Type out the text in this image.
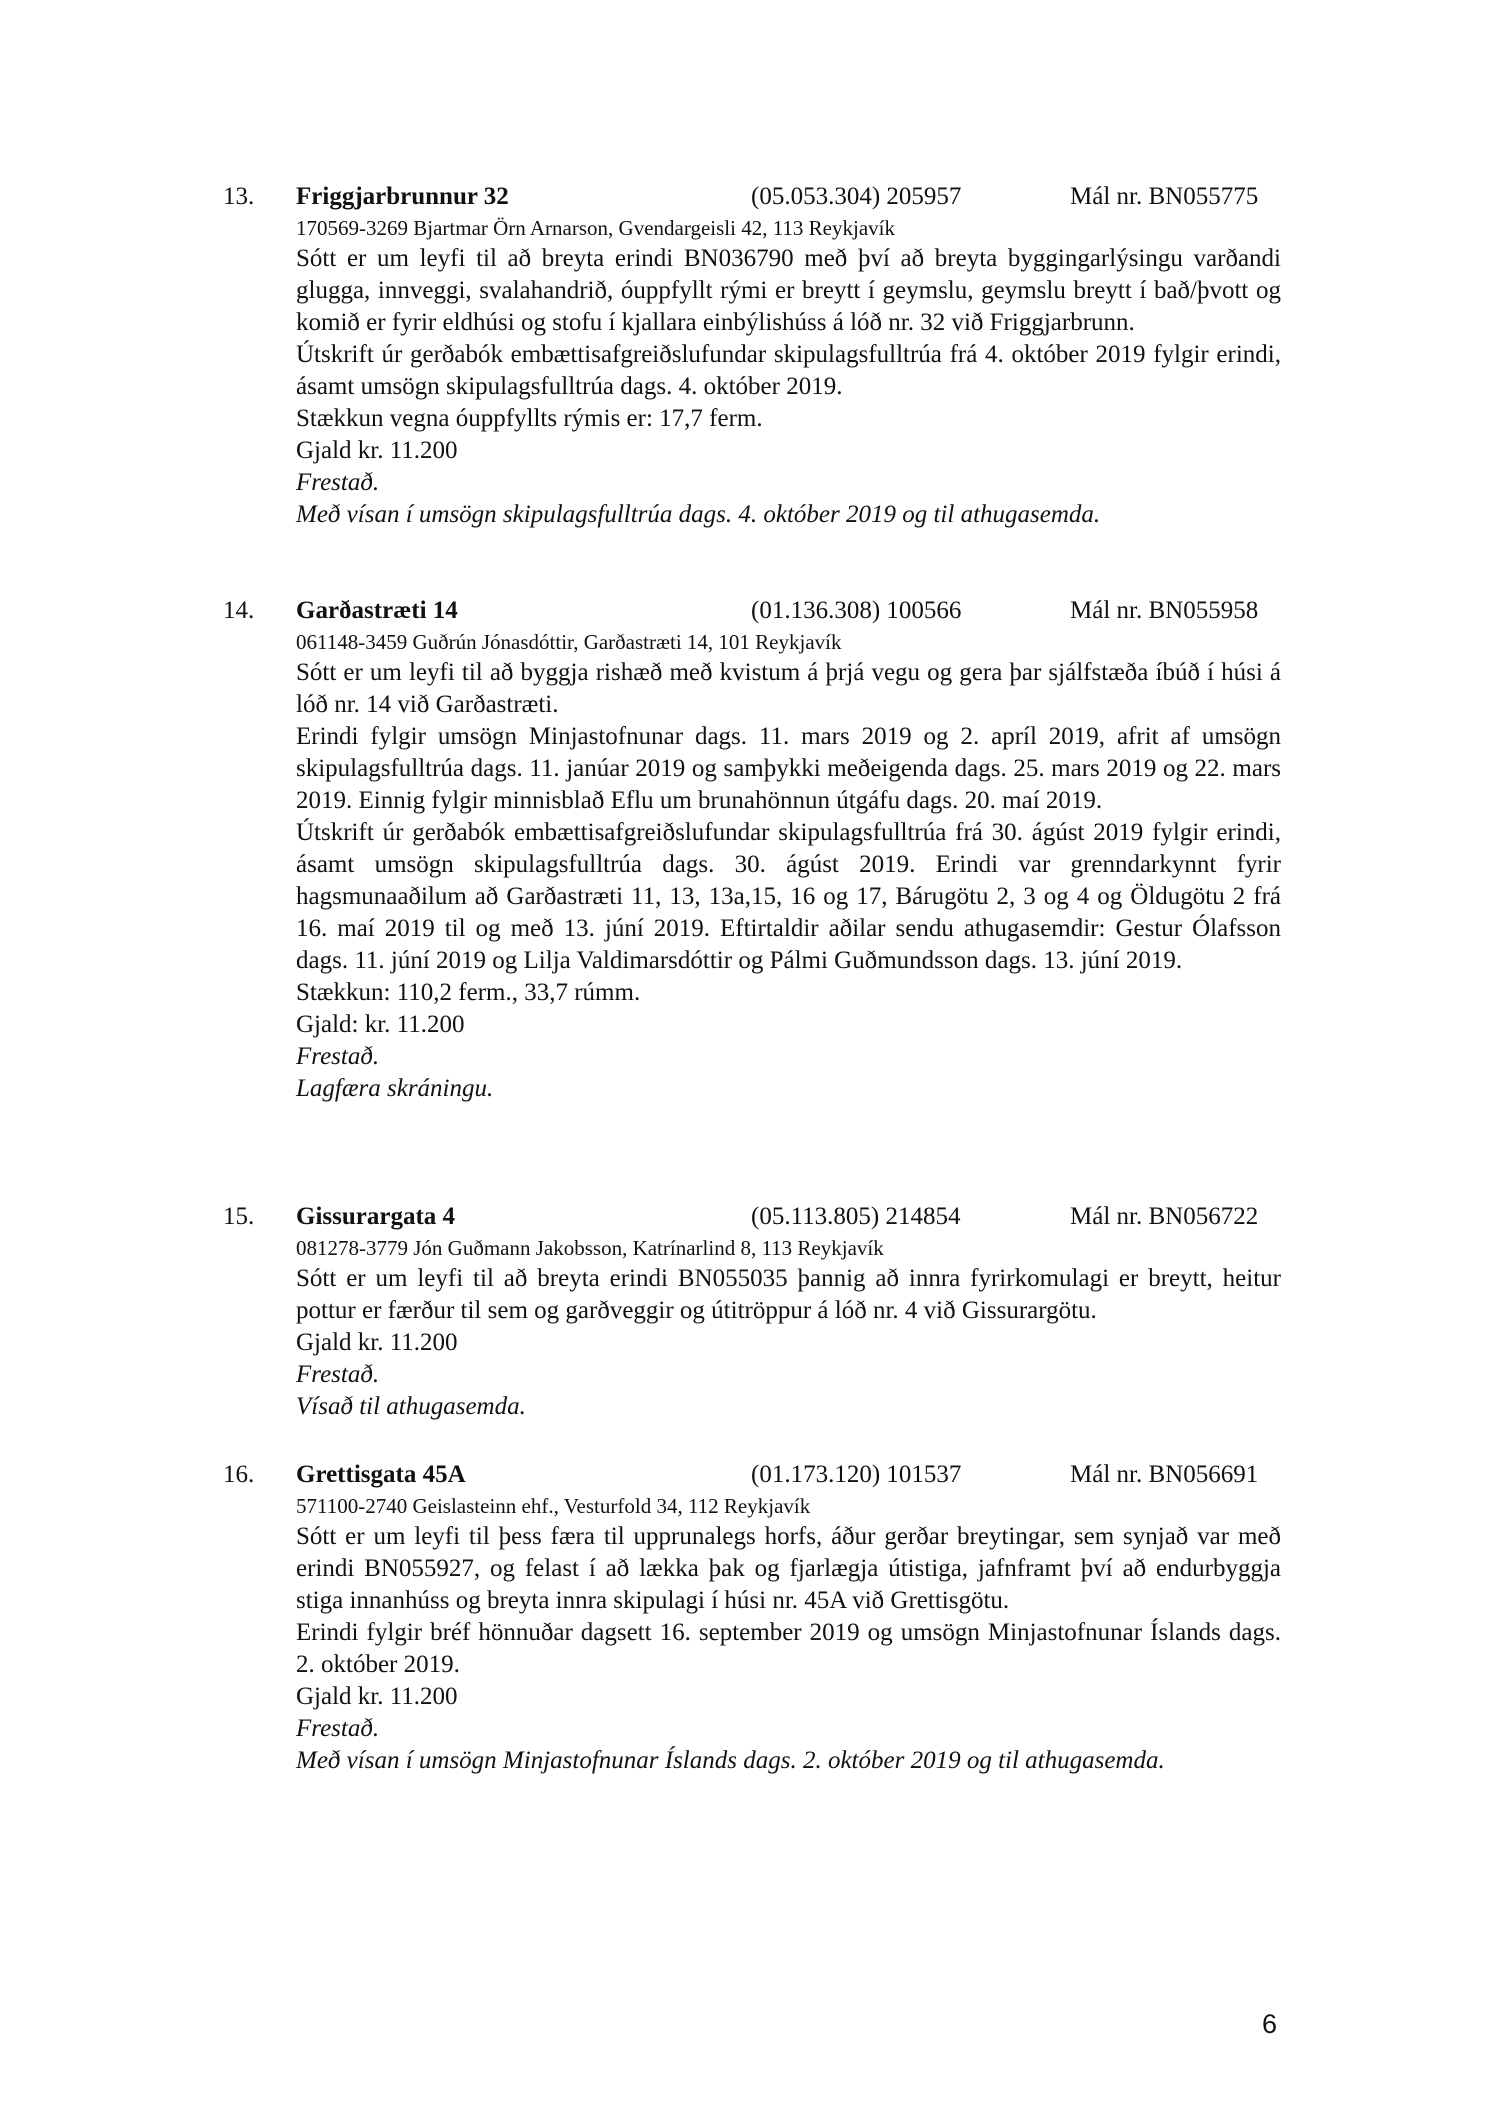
13. Friggjarbrunnur 32	(05.053.304) 205957	Mál nr. BN055775
170569-3269 Bjartmar Örn Arnarson, Gvendargeisli 42, 113 Reykjavík

Sótt er um leyfi til að breyta erindi BN036790 með því að breyta byggingarlýsingu varðandi glugga, innveggi, svalahandrið, óuppfyllt rými er breytt í geymslu, geymslu breytt í bað/þvott og komið er fyrir eldhúsi og stofu í kjallara einbýlishúss á lóð nr. 32 við Friggjarbrunn.

Útskrift úr gerðabók embættisafgreiðslufundar skipulagsfulltrúa frá 4. október 2019 fylgir erindi, ásamt umsögn skipulagsfulltrúa dags. 4. október 2019.

Stækkun vegna óuppfyllts rýmis er: 17,7 ferm.

Gjald kr. 11.200

Frestað.

Með vísan í umsögn skipulagsfulltrúa dags. 4. október 2019 og til athugasemda.

14. Garðastræti 14	(01.136.308) 100566	Mál nr. BN055958
061148-3459 Guðrún Jónasdóttir, Garðastræti 14, 101 Reykjavík

Sótt er um leyfi til að byggja rishæð með kvistum á þrjá vegu og gera þar sjálfstæða íbúð í húsi á lóð nr. 14 við Garðastræti.

Erindi fylgir umsögn Minjastofnunar dags. 11. mars 2019 og 2. apríl 2019, afrit af umsögn skipulagsfulltrúa dags. 11. janúar 2019 og samþykki meðeigenda dags. 25. mars 2019 og 22. mars 2019. Einnig fylgir minnisblað Eflu um brunahönnun útgáfu dags. 20. maí 2019.

Útskrift úr gerðabók embættisafgreiðslufundar skipulagsfulltrúa frá 30. ágúst 2019 fylgir erindi, ásamt umsögn skipulagsfulltrúa dags. 30. ágúst 2019. Erindi var grenndarkynnt fyrir hagsmunaaðilum að Garðastræti 11, 13, 13a,15, 16 og 17, Bárugötu 2, 3 og 4 og Öldugötu 2 frá 16. maí 2019 til og með 13. júní 2019. Eftirtaldir aðilar sendu athugasemdir: Gestur Ólafsson dags. 11. júní 2019 og Lilja Valdimarsdóttir og Pálmi Guðmundsson dags. 13. júní 2019.

Stækkun: 110,2 ferm., 33,7 rúmm.

Gjald: kr. 11.200

Frestað.

Lagfæra skráningu.

15. Gissurargata 4	(05.113.805) 214854	Mál nr. BN056722
081278-3779 Jón Guðmann Jakobsson, Katrínarlind 8, 113 Reykjavík

Sótt er um leyfi til að breyta erindi BN055035 þannig að innra fyrirkomulagi er breytt, heitur pottur er færður til sem og garðveggir og útitröppur á lóð nr. 4 við Gissurargötu.

Gjald kr. 11.200

Frestað.

Vísað til athugasemda.

16. Grettisgata 45A	(01.173.120) 101537	Mál nr. BN056691
571100-2740 Geislasteinn ehf., Vesturfold 34, 112 Reykjavík

Sótt er um leyfi til þess færa til upprunalegs horfs, áður gerðar breytingar, sem synjað var með erindi BN055927, og felast í að lækka þak og fjarlægja útistiga, jafnframt því að endurbyggja stiga innanhúss og breyta innra skipulagi í húsi nr. 45A við Grettisgötu.

Erindi fylgir bréf hönnuðar dagsett 16. september 2019 og umsögn Minjastofnunar Íslands dags. 2. október 2019.

Gjald kr. 11.200

Frestað.

Með vísan í umsögn Minjastofnunar Íslands dags. 2. október 2019 og til athugasemda.

6
